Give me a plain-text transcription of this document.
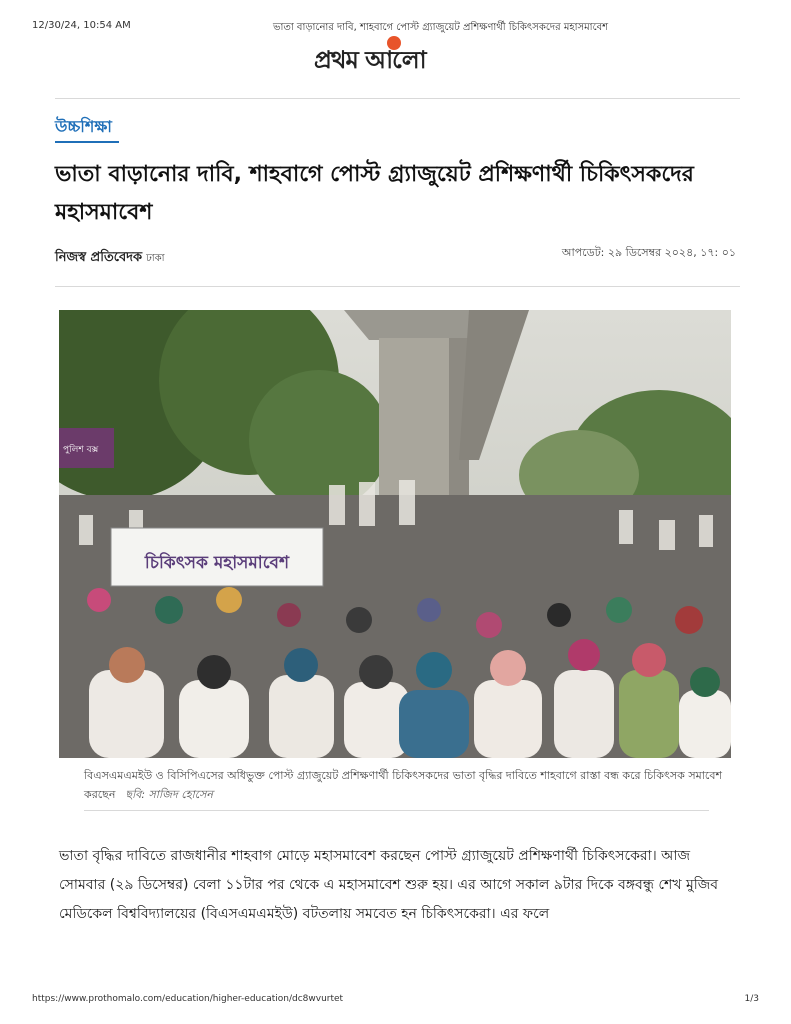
12/30/24, 10:54 AM	ভাতা বাড়ানোর দাবি, শাহবাগে পোস্ট গ্র্যাজুয়েট প্রশিক্ষণার্থী চিকিৎসকদের মহাসমাবেশ
প্রথম আলো
উচ্চশিক্ষা
ভাতা বাড়ানোর দাবি, শাহবাগে পোস্ট গ্র্যাজুয়েট প্রশিক্ষণার্থী চিকিৎসকদের মহাসমাবেশ
নিজস্ব প্রতিবেদক ঢাকা	আপডেট: ২৯ ডিসেম্বর ২০২৪, ১৭: ০১
পুলিশ বক্স
চিকিৎসক মহাসমাবেশ
বিএসএমএমইউ ও বিসিপিএসের অধিভুক্ত পোস্ট গ্র্যাজুয়েট প্রশিক্ষণার্থী চিকিৎসকদের ভাতা বৃদ্ধির দাবিতে শাহবাগে রাস্তা বন্ধ করে চিকিৎসক সমাবেশ করছেন ছবি: সাজিদ হোসেন

ভাতা বৃদ্ধির দাবিতে রাজধানীর শাহবাগ মোড়ে মহাসমাবেশ করছেন পোস্ট গ্র্যাজুয়েট প্রশিক্ষণার্থী চিকিৎসকেরা। আজ সোমবার (২৯ ডিসেম্বর) বেলা ১১টার পর থেকে এ মহাসমাবেশ শুরু হয়। এর আগে সকাল ৯টার দিকে বঙ্গবন্ধু শেখ মুজিব মেডিকেল বিশ্ববিদ্যালয়ের (বিএসএমএমইউ) বটতলায় সমবেত হন চিকিৎসকেরা। এর ফলে

https://www.prothomalo.com/education/higher-education/dc8wvurtet	1/3
